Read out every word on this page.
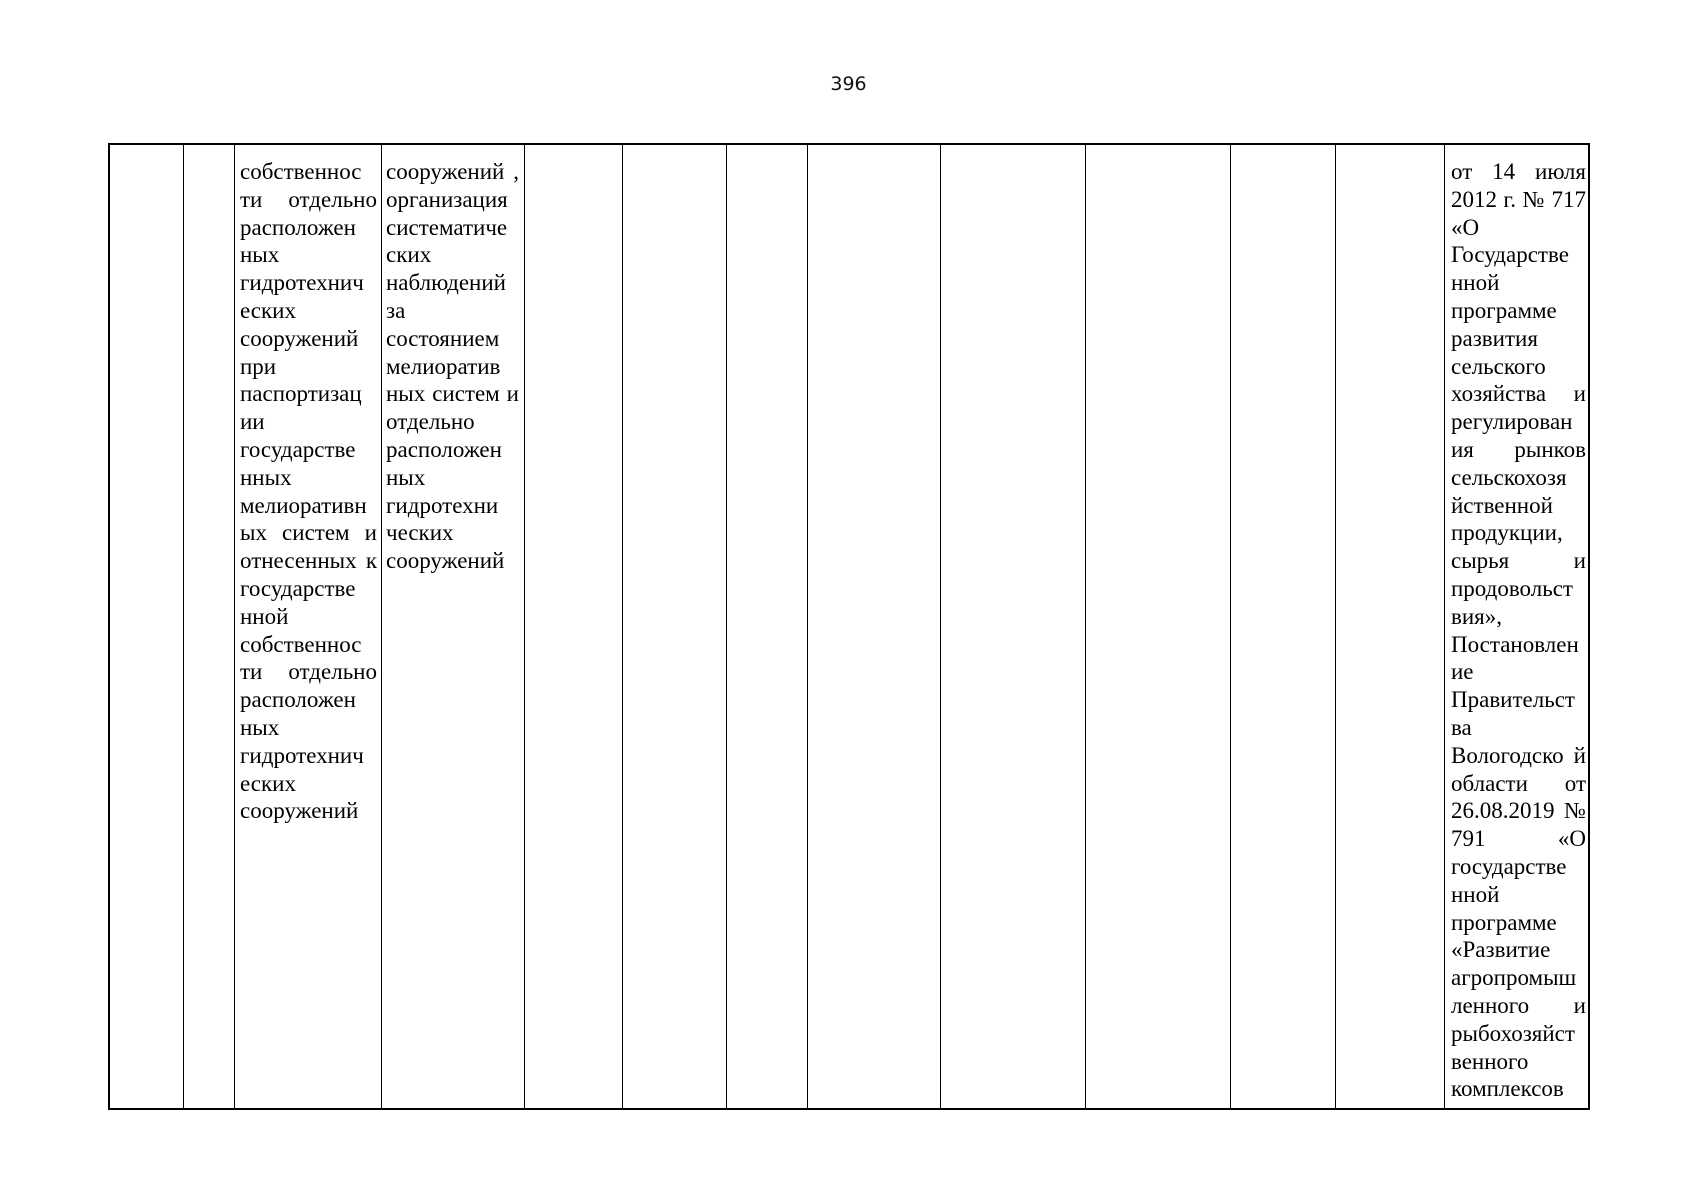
396
собственнос ти отдельно расположен ных гидротехнич еских сооружений при паспортизац ии государстве нных мелиоративн ых систем и отнесенных к государстве нной собственнос ти отдельно расположен ных гидротехнич еских сооружений
сооружений , организация систематиче ских наблюдений за состоянием мелиоратив ных систем и отдельно расположен ных гидротехни ческих сооружений
от 14 июля 2012 г. № 717 «О Государстве нной программе развития сельского хозяйства и регулирован ия рынков сельскохозя йственной продукции, сырья и продовольст вия», Постановлен ие Правительст ва Вологодско й области от 26.08.2019 № 791 «О государстве нной программе «Развитие агропромыш ленного и рыбохозяйст венного комплексов
